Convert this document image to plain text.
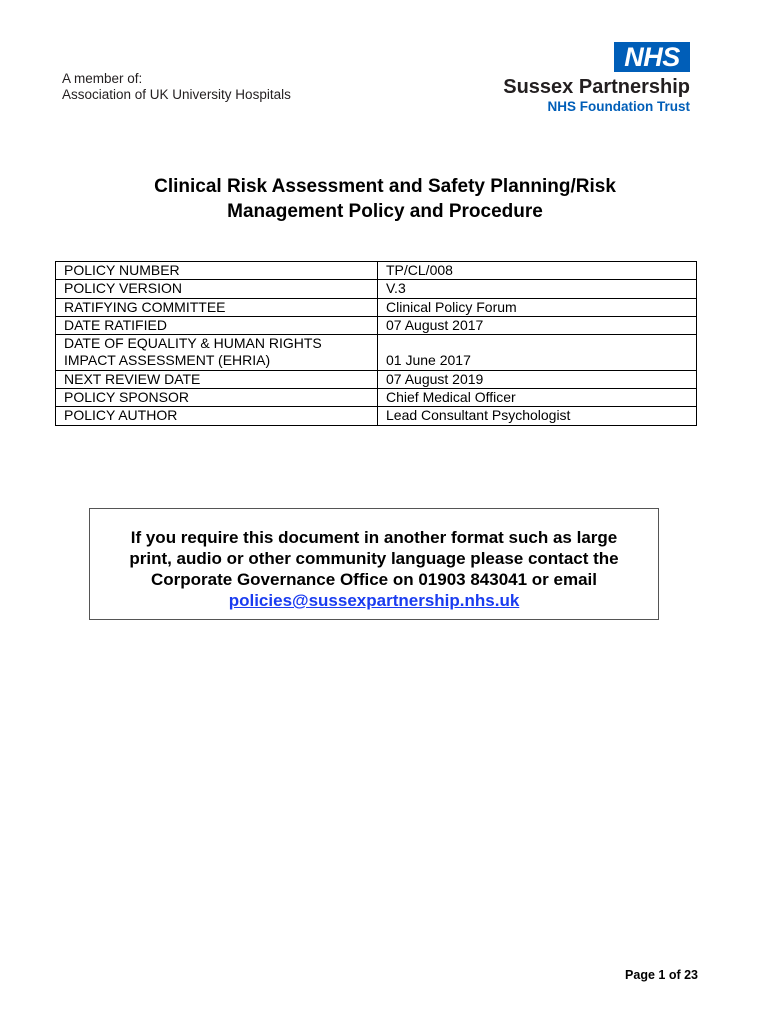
A member of:
Association of UK University Hospitals
NHS
Sussex Partnership
NHS Foundation Trust
Clinical Risk Assessment and Safety Planning/Risk
Management Policy and Procedure
POLICY NUMBER	TP/CL/008
POLICY VERSION	V.3
RATIFYING COMMITTEE	Clinical Policy Forum
DATE RATIFIED	07 August 2017
DATE OF EQUALITY & HUMAN RIGHTS	
IMPACT ASSESSMENT (EHRIA)	01 June 2017
NEXT REVIEW DATE	07 August 2019
POLICY SPONSOR	Chief Medical Officer
POLICY AUTHOR	Lead Consultant Psychologist
If you require this document in another format such as large
print, audio or other community language please contact the
Corporate Governance Office on 01903 843041 or email
policies@sussexpartnership.nhs.uk
Page 1 of 23
